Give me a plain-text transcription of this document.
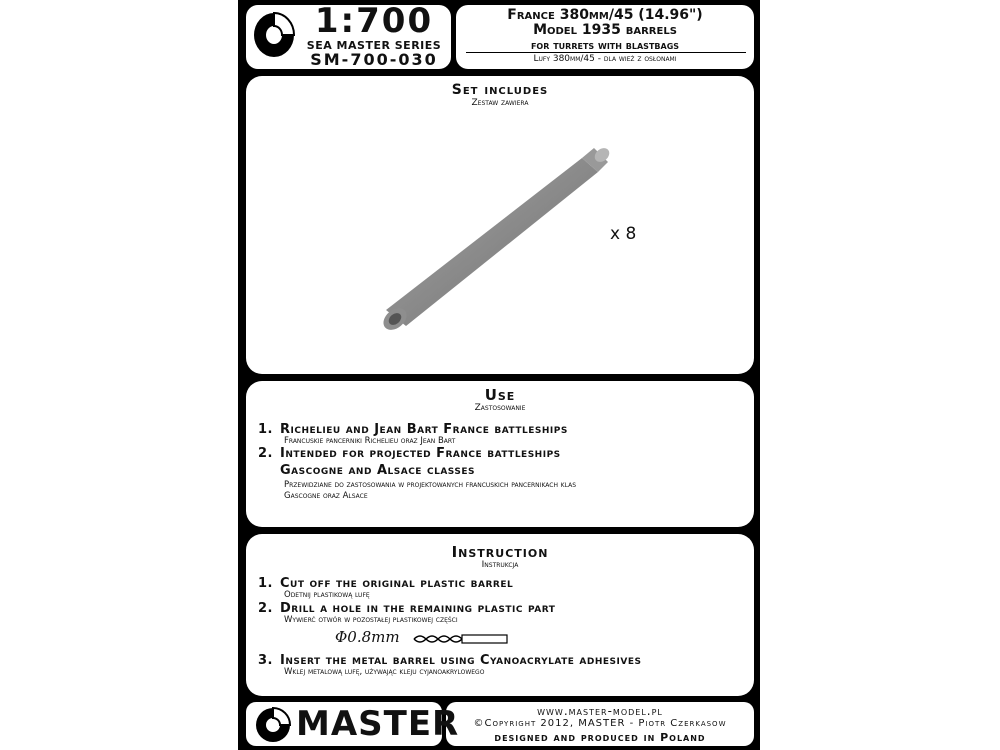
1:700
SEA MASTER SERIES
SM-700-030
France 380mm/45 (14.96")
Model 1935 barrels
for turrets with blastbags
Lufy 380mm/45 - dla wież z osłonami
Set includes
Zestaw zawiera
x 8
Use
Zastosowanie
1. Richelieu and Jean Bart France battleships
Francuskie pancerniki Richelieu oraz Jean Bart
2. Intended for projected France battleships
Gascogne and Alsace classes
Przewidziane do zastosowania w projektowanych francuskich pancernikach klas
Gascogne oraz Alsace
Instruction
Instrukcja
1. Cut off the original plastic barrel
Odetnij plastikową lufę
2. Drill a hole in the remaining plastic part
Wywierć otwór w pozostałej plastikowej części
Φ0.8mm
3. Insert the metal barrel using Cyanoacrylate adhesives
Wklej metalową lufę, używając kleju cyjanoakrylowego
MASTER	www.master-model.pl
©Copyright 2012, MASTER - Piotr Czerkasow
designed and produced in Poland
